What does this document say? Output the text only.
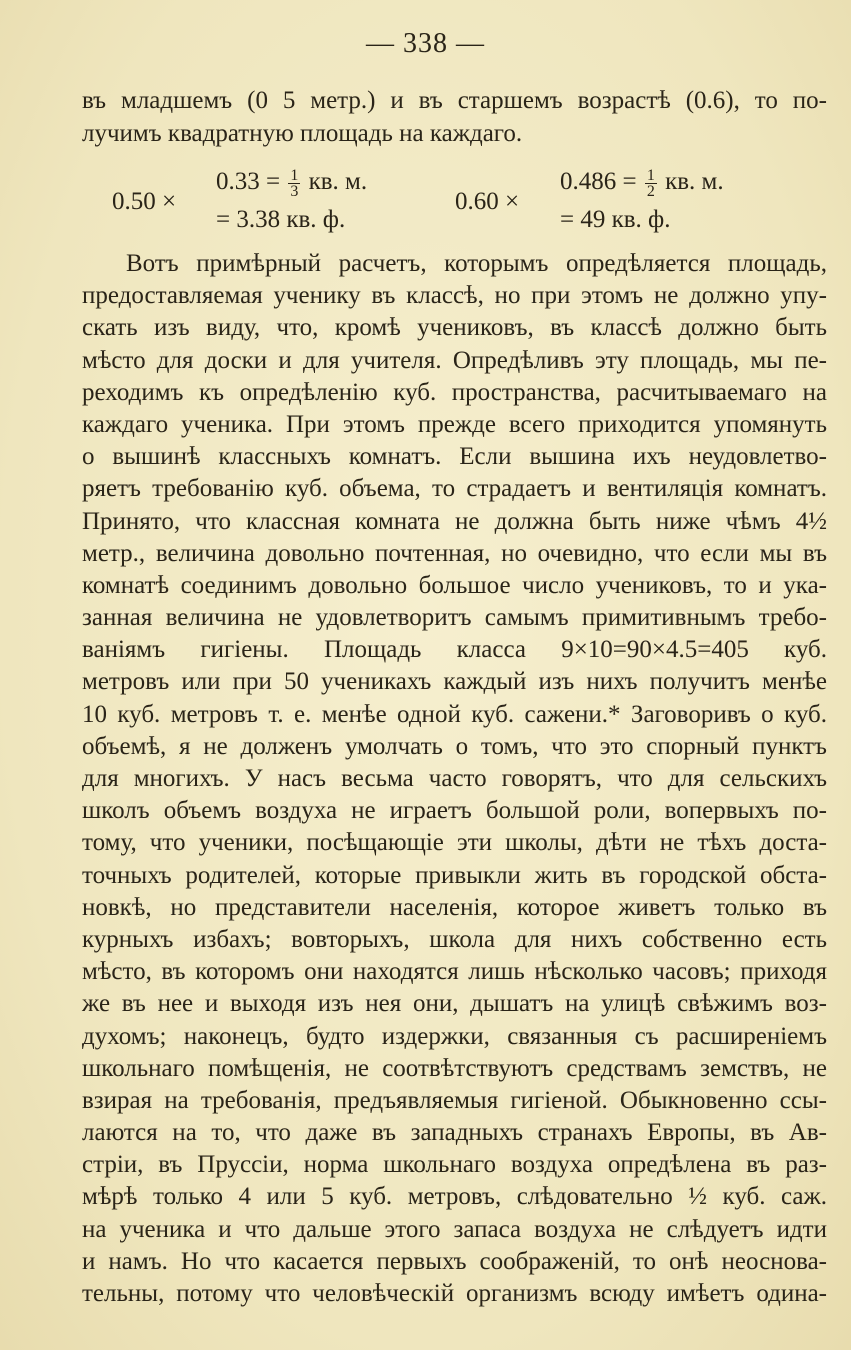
— 338 —
въ младшемъ (0 5 метр.) и въ старшемъ возрастѣ (0.6), то по-
лучимъ квадратную площадь на каждаго.
0.50 ×
$0.33 = \frac{1}{3}$ кв. м.
= 3.38 кв. ф.
0.60 ×
$0.486 = \frac{1}{2}$ кв. м.
= 49 кв. ф.
Вотъ примѣрный расчетъ, которымъ опредѣляется площадь,
предоставляемая ученику въ классѣ, но при этомъ не должно упу-
скать изъ виду, что, кромѣ учениковъ, въ классѣ должно быть
мѣсто для доски и для учителя. Опредѣливъ эту площадь, мы пе-
реходимъ къ опредѣленію куб. пространства, расчитываемаго на
каждаго ученика. При этомъ прежде всего приходится упомянуть
о вышинѣ классныхъ комнатъ. Если вышина ихъ неудовлетво-
ряетъ требованію куб. объема, то страдаетъ и вентиляція комнатъ.
Принято, что классная комната не должна быть ниже чѣмъ 4½
метр., величина довольно почтенная, но очевидно, что если мы въ
комнатѣ соединимъ довольно большое число учениковъ, то и ука-
занная величина не удовлетворитъ самымъ примитивнымъ требо-
ваніямъ гигіены. Площадь класса 9×10=90×4.5=405 куб.
метровъ или при 50 ученикахъ каждый изъ нихъ получитъ менѣе
10 куб. метровъ т. е. менѣе одной куб. сажени.* Заговоривъ о куб.
объемѣ, я не долженъ умолчать о томъ, что это спорный пунктъ
для многихъ. У насъ весьма часто говорятъ, что для сельскихъ
школъ объемъ воздуха не играетъ большой роли, вопервыхъ по-
тому, что ученики, посѣщающіе эти школы, дѣти не тѣхъ доста-
точныхъ родителей, которые привыкли жить въ городской обста-
новкѣ, но представители населенія, которое живетъ только въ
курныхъ избахъ; вовторыхъ, школа для нихъ собственно есть
мѣсто, въ которомъ они находятся лишь нѣсколько часовъ; приходя
же въ нее и выходя изъ нея они, дышатъ на улицѣ свѣжимъ воз-
духомъ; наконецъ, будто издержки, связанныя съ расширеніемъ
школьнаго помѣщенія, не соотвѣтствуютъ средствамъ земствъ, не
взирая на требованія, предъявляемыя гигіеной. Обыкновенно ссы-
лаются на то, что даже въ западныхъ странахъ Европы, въ Ав-
стріи, въ Пруссіи, норма школьнаго воздуха опредѣлена въ раз-
мѣрѣ только 4 или 5 куб. метровъ, слѣдовательно ½ куб. саж.
на ученика и что дальше этого запаса воздуха не слѣдуетъ идти
и намъ. Но что касается первыхъ соображеній, то онѣ неоснова-
тельны, потому что человѣческій организмъ всюду имѣетъ одина-
